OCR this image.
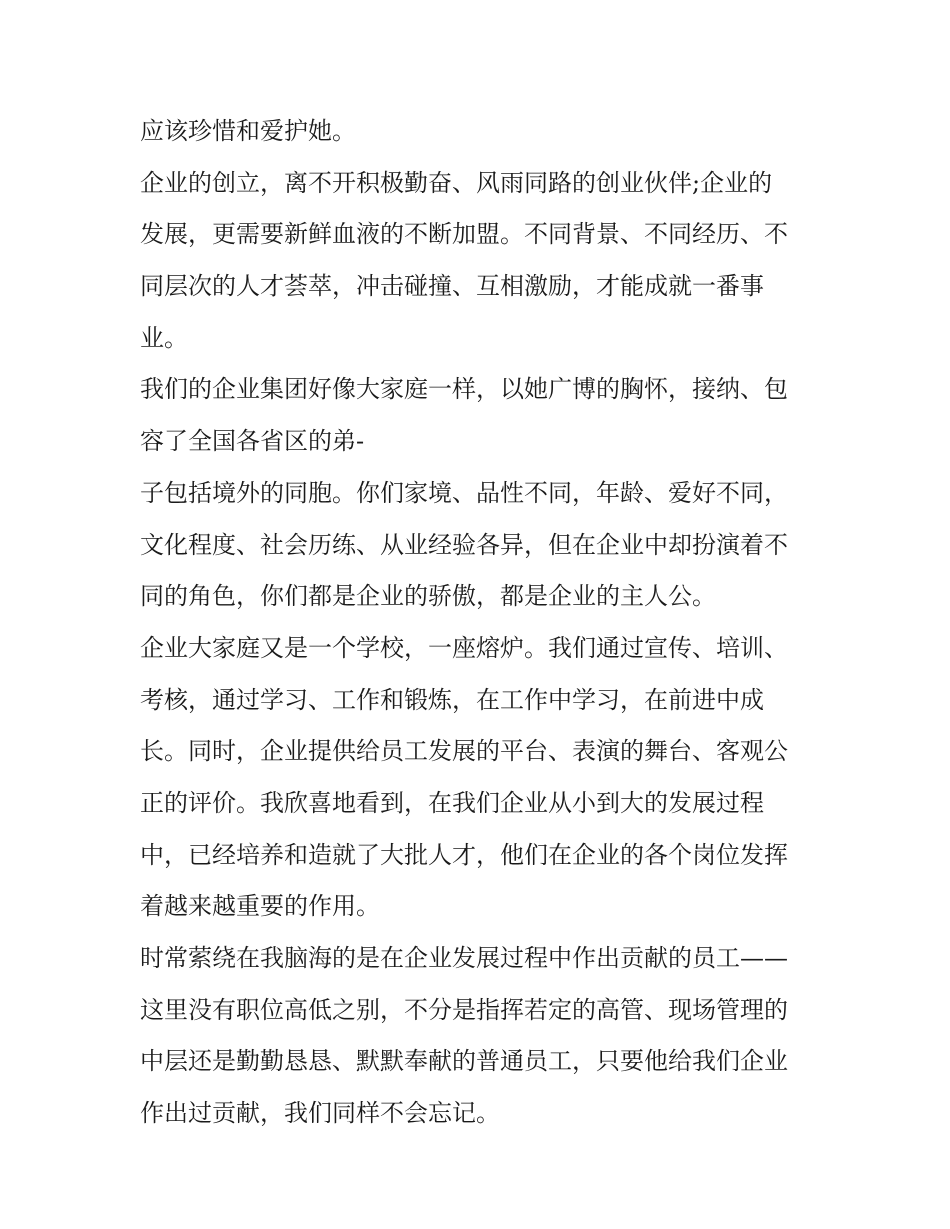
应该珍惜和爱护她。
企业的创立，离不开积极勤奋、风雨同路的创业伙伴;企业的
发展，更需要新鲜血液的不断加盟。不同背景、不同经历、不
同层次的人才荟萃，冲击碰撞、互相激励，才能成就一番事
业。
我们的企业集团好像大家庭一样，以她广博的胸怀，接纳、包
容了全国各省区的弟-
子包括境外的同胞。你们家境、品性不同，年龄、爱好不同，
文化程度、社会历练、从业经验各异，但在企业中却扮演着不
同的角色，你们都是企业的骄傲，都是企业的主人公。
企业大家庭又是一个学校，一座熔炉。我们通过宣传、培训、
考核，通过学习、工作和锻炼，在工作中学习，在前进中成
长。同时，企业提供给员工发展的平台、表演的舞台、客观公
正的评价。我欣喜地看到，在我们企业从小到大的发展过程
中，已经培养和造就了大批人才，他们在企业的各个岗位发挥
着越来越重要的作用。
时常萦绕在我脑海的是在企业发展过程中作出贡献的员工——
这里没有职位高低之别，不分是指挥若定的高管、现场管理的
中层还是勤勤恳恳、默默奉献的普通员工，只要他给我们企业
作出过贡献，我们同样不会忘记。
